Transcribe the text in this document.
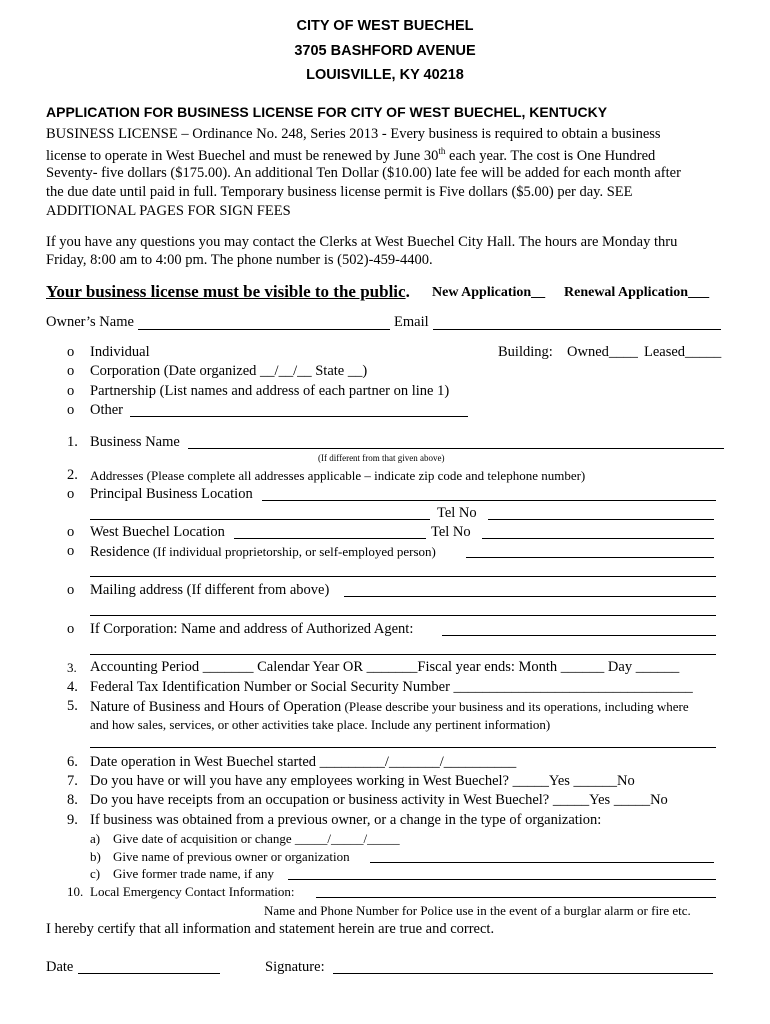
CITY OF WEST BUECHEL
3705 BASHFORD AVENUE
LOUISVILLE, KY 40218
APPLICATION FOR BUSINESS LICENSE FOR CITY OF WEST BUECHEL, KENTUCKY
BUSINESS LICENSE – Ordinance No. 248, Series 2013 - Every business is required to obtain a business
license to operate in West Buechel and must be renewed by June 30th each year. The cost is One Hundred
Seventy- five dollars ($175.00). An additional Ten Dollar ($10.00) late fee will be added for each month after
the due date until paid in full. Temporary business license permit is Five dollars ($5.00) per day. SEE
ADDITIONAL PAGES FOR SIGN FEES
If you have any questions you may contact the Clerks at West Buechel City Hall. The hours are Monday thru
Friday, 8:00 am to 4:00 pm. The phone number is (502)-459-4400.
Your business license must be visible to the public. New Application__ Renewal Application___
Owner’s Name	Email
o Individual	Building: Owned____ Leased_____
o Corporation (Date organized __/__/__ State __)
o Partnership (List names and address of each partner on line 1)
o Other
1. Business Name
(If different from that given above)
2. Addresses (Please complete all addresses applicable – indicate zip code and telephone number)
o Principal Business Location
Tel No
o West Buechel Location	Tel No
o Residence (If individual proprietorship, or self-employed person)
o Mailing address (If different from above)
o If Corporation: Name and address of Authorized Agent:
3. Accounting Period _______ Calendar Year OR _______Fiscal year ends: Month ______ Day ______
4. Federal Tax Identification Number or Social Security Number _________________________________
5. Nature of Business and Hours of Operation (Please describe your business and its operations, including where
and how sales, services, or other activities take place. Include any pertinent information)
6. Date operation in West Buechel started _________/_______/__________
7. Do you have or will you have any employees working in West Buechel? _____Yes ______No
8. Do you have receipts from an occupation or business activity in West Buechel? _____Yes _____No
9. If business was obtained from a previous owner, or a change in the type of organization:
a) Give date of acquisition or change _____/_____/_____
b) Give name of previous owner or organization
c) Give former trade name, if any
10. Local Emergency Contact Information:
Name and Phone Number for Police use in the event of a burglar alarm or fire etc.
I hereby certify that all information and statement herein are true and correct.
Date	Signature:
